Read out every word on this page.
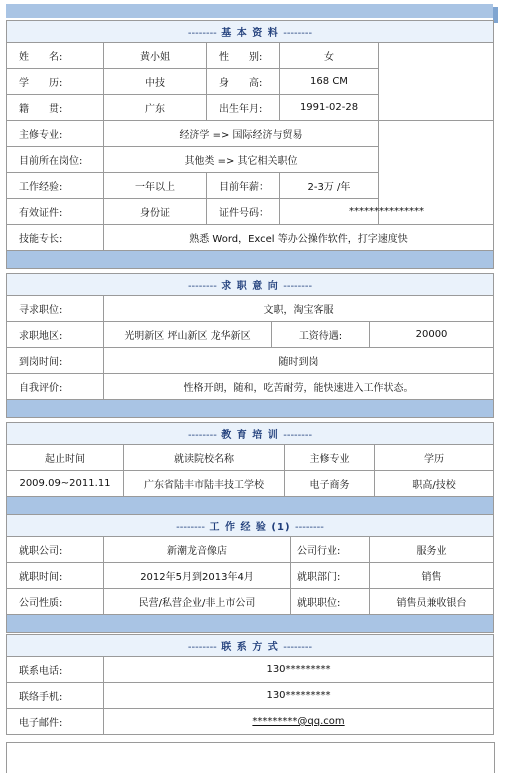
-------- 基 本 资 料 --------				
姓　　名:	黄小姐	性　　别:	女	
学　　历:	中技	身　　高:	168 CM	
籍　　贯:	广东	出生年月:	1991-02-28	
主修专业:	经济学 => 国际经济与贸易			
目前所在岗位:	其他类 => 其它相关职位			
工作经验:	一年以上	目前年薪：	2-3万 /年	
有效证件:	身份证	证件号码：	***************	
技能专长:	熟悉 Word，Excel 等办公操作软件，打字速度快			

-------- 求 职 意 向 --------			
寻求职位:	文职，淘宝客服		
求职地区:	光明新区 坪山新区 龙华新区	工资待遇:	20000
到岗时间:	随时到岗		
自我评价:	性格开朗，随和，吃苦耐劳，能快速进入工作状态。		

-------- 教 育 培 训 --------			
起止时间	就读院校名称	主修专业	学历
2009.09~2011.11	广东省陆丰市陆丰技工学校	电子商务	职高/技校

-------- 工 作 经 验 (1) --------			
就职公司:	新潮龙音像店	公司行业:	服务业
就职时间:	2012年5月到2013年4月	就职部门:	销售
公司性质:	民营/私营企业/非上市公司	就职职位:	销售员兼收银台

-------- 联 系 方 式 --------	
联系电话:	130*********
联络手机:	130*********
电子邮件:	*********@qq.com
